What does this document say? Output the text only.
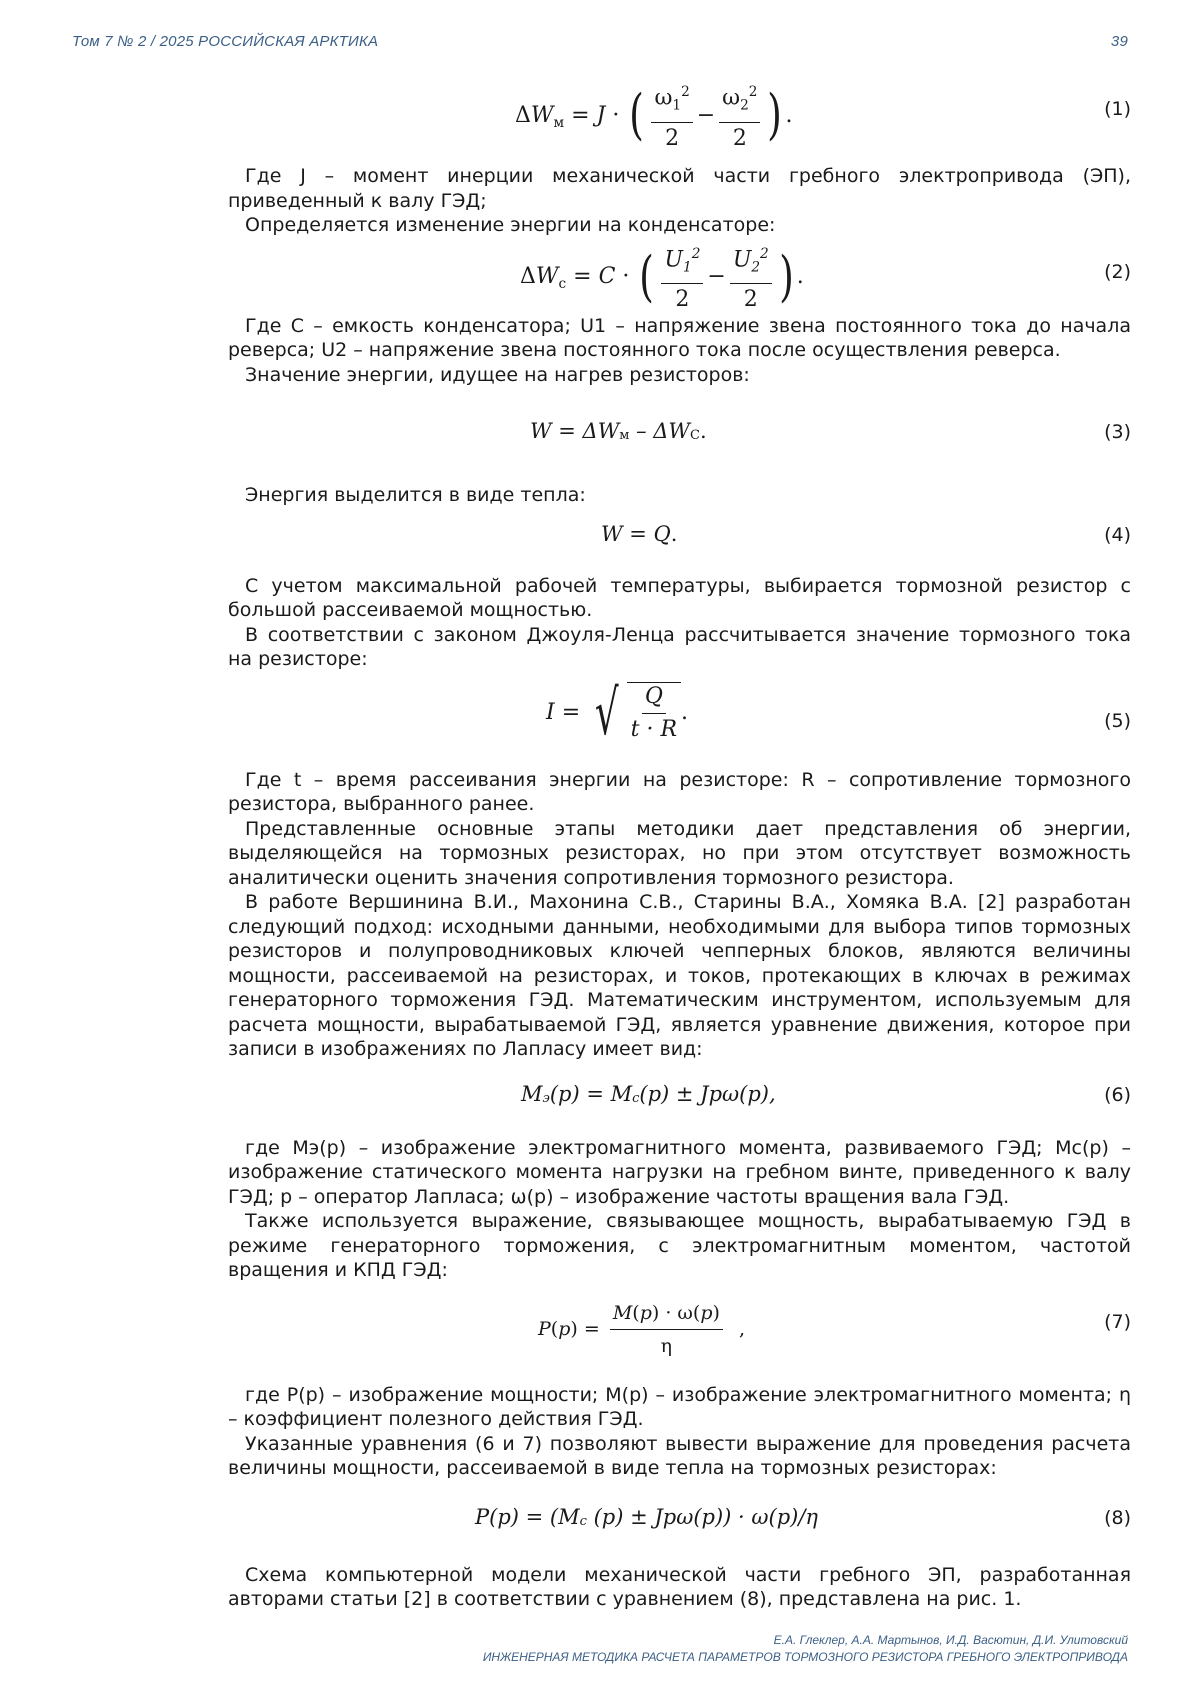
Том 7 № 2 / 2025 РОССИЙСКАЯ АРКТИКА	39
Δ $W_м = J$ · ( $\frac{\omega_1^2}{2} - \frac{\omega_2^2}{2}$ ) .	(1)

Где J – момент инерции механической части гребного электропривода (ЭП), приведенный к валу ГЭД;

Определяется изменение энергии на конденсаторе:

Δ $W_c = C$ · ( $\frac{U_1^2}{2} - \frac{U_2^2}{2}$ ) .	(2)

Где C – емкость конденсатора; U1 – напряжение звена постоянного тока до начала реверса; U2 – напряжение звена постоянного тока после осуществления реверса.

Значение энергии, идущее на нагрев резисторов:

$W = \Delta W_м - \Delta W_С$ .	(3)

Энергия выделится в виде тепла:

W = Q .	(4)

С учетом максимальной рабочей температуры, выбирается тормозной резистор с большой рассеиваемой мощностью.

В соответствии с законом Джоуля-Ленца рассчитывается значение тормозного тока на резисторе:

I = √ $\frac{Q}{t \cdot R}$ .	(5)

Где t – время рассеивания энергии на резисторе: R – сопротивление тормозного резистора, выбранного ранее.

Представленные основные этапы методики дает представления об энергии, выделяющейся на тормозных резисторах, но при этом отсутствует возможность аналитически оценить значения сопротивления тормозного резистора.

В работе Вершинина В.И., Махонина С.В., Старины В.А., Хомяка В.А. [2] разработан следующий подход: исходными данными, необходимыми для выбора типов тормозных резисторов и полупроводниковых ключей чепперных блоков, являются величины мощности, рассеиваемой на резисторах, и токов, протекающих в ключах в режимах генераторного торможения ГЭД. Математическим инструментом, используемым для расчета мощности, вырабатываемой ГЭД, является уравнение движения, которое при записи в изображениях по Лапласу имеет вид:

$M_э$ $(p) = M_c$ (p) ± Jpω(p),	(6)

где Mэ(p) – изображение электромагнитного момента, развиваемого ГЭД; Mc(p) – изображение статического момента нагрузки на гребном винте, приведенного к валу ГЭД; p – оператор Лапласа; ω(p) – изображение частоты вращения вала ГЭД.

Также используется выражение, связывающее мощность, вырабатываемую ГЭД в режиме генераторного торможения, с электромагнитным моментом, частотой вращения и КПД ГЭД:

P ( p ) = $\frac{M(p) \cdot \omega(p)}{\eta}$ ,	(7)

где P(p) – изображение мощности; M(p) – изображение электромагнитного момента; η – коэффициент полезного действия ГЭД.

Указанные уравнения (6 и 7) позволяют вывести выражение для проведения расчета величины мощности, рассеиваемой в виде тепла на тормозных резисторах:

$P(p) = (M_c$ (p) ± Jpω(p)) · ω(p)/η	(8)

Схема компьютерной модели механической части гребного ЭП, разработанная авторами статьи [2] в соответствии с уравнением (8), представлена на рис. 1.

Е.А. Глеклер, А.А. Мартынов, И.Д. Васютин, Д.И. Улитовский
ИНЖЕНЕРНАЯ МЕТОДИКА РАСЧЕТА ПАРАМЕТРОВ ТОРМОЗНОГО РЕЗИСТОРА ГРЕБНОГО ЭЛЕКТРОПРИВОДА
